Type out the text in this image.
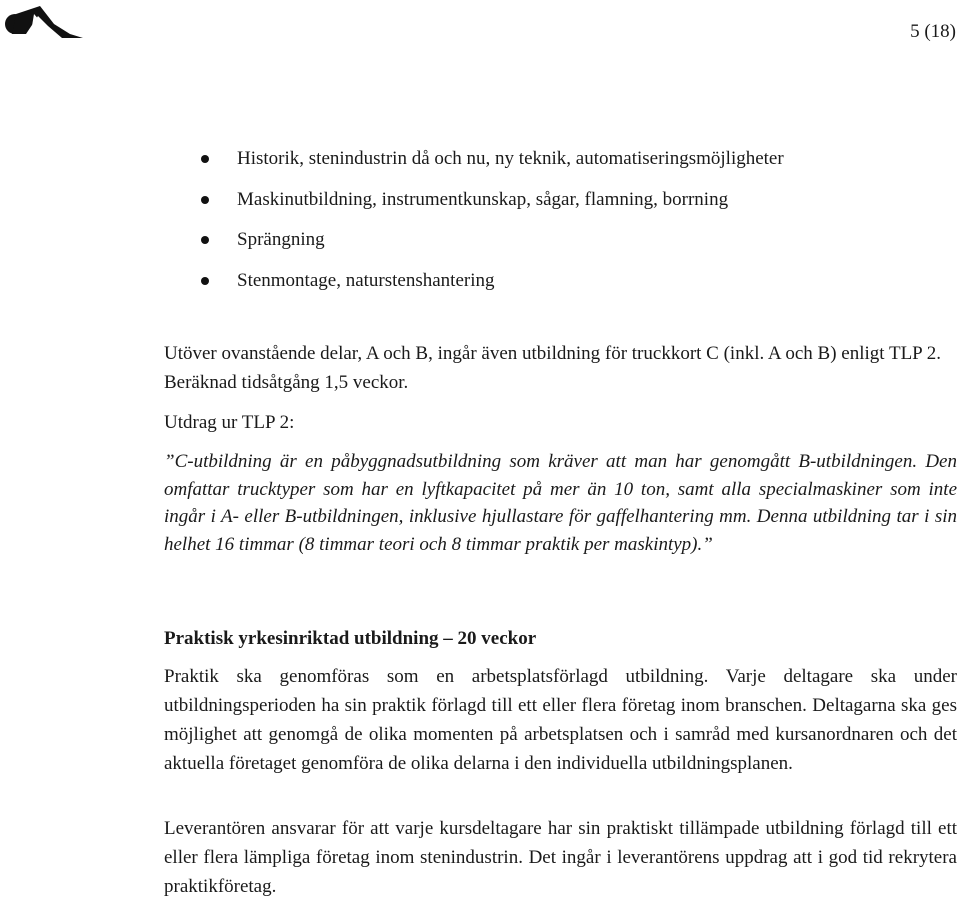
5 (18)
Historik, stenindustrin då och nu, ny teknik, automatiseringsmöjligheter
Maskinutbildning, instrumentkunskap, sågar, flamning, borrning
Sprängning
Stenmontage, naturstenshantering

Utöver ovanstående delar, A och B, ingår även utbildning för truckkort C (inkl. A och B) enligt TLP 2. Beräknad tidsåtgång 1,5 veckor.

Utdrag ur TLP 2:

”C-utbildning är en påbyggnadsutbildning som kräver att man har genomgått B-utbildningen. Den omfattar trucktyper som har en lyftkapacitet på mer än 10 ton, samt alla specialmaskiner som inte ingår i A- eller B-utbildningen, inklusive hjullastare för gaffelhantering mm. Denna utbildning tar i sin helhet 16 timmar (8 timmar teori och 8 timmar praktik per maskintyp).”

Praktisk yrkesinriktad utbildning – 20 veckor

Praktik ska genomföras som en arbetsplatsförlagd utbildning. Varje deltagare ska under utbildningsperioden ha sin praktik förlagd till ett eller flera företag inom branschen. Deltagarna ska ges möjlighet att genomgå de olika momenten på arbetsplatsen och i samråd med kursanordnaren och det aktuella företaget genomföra de olika delarna i den individuella utbildningsplanen.

Leverantören ansvarar för att varje kursdeltagare har sin praktiskt tillämpade utbildning förlagd till ett eller flera lämpliga företag inom stenindustrin. Det ingår i leverantörens uppdrag att i god tid rekrytera praktikföretag.
